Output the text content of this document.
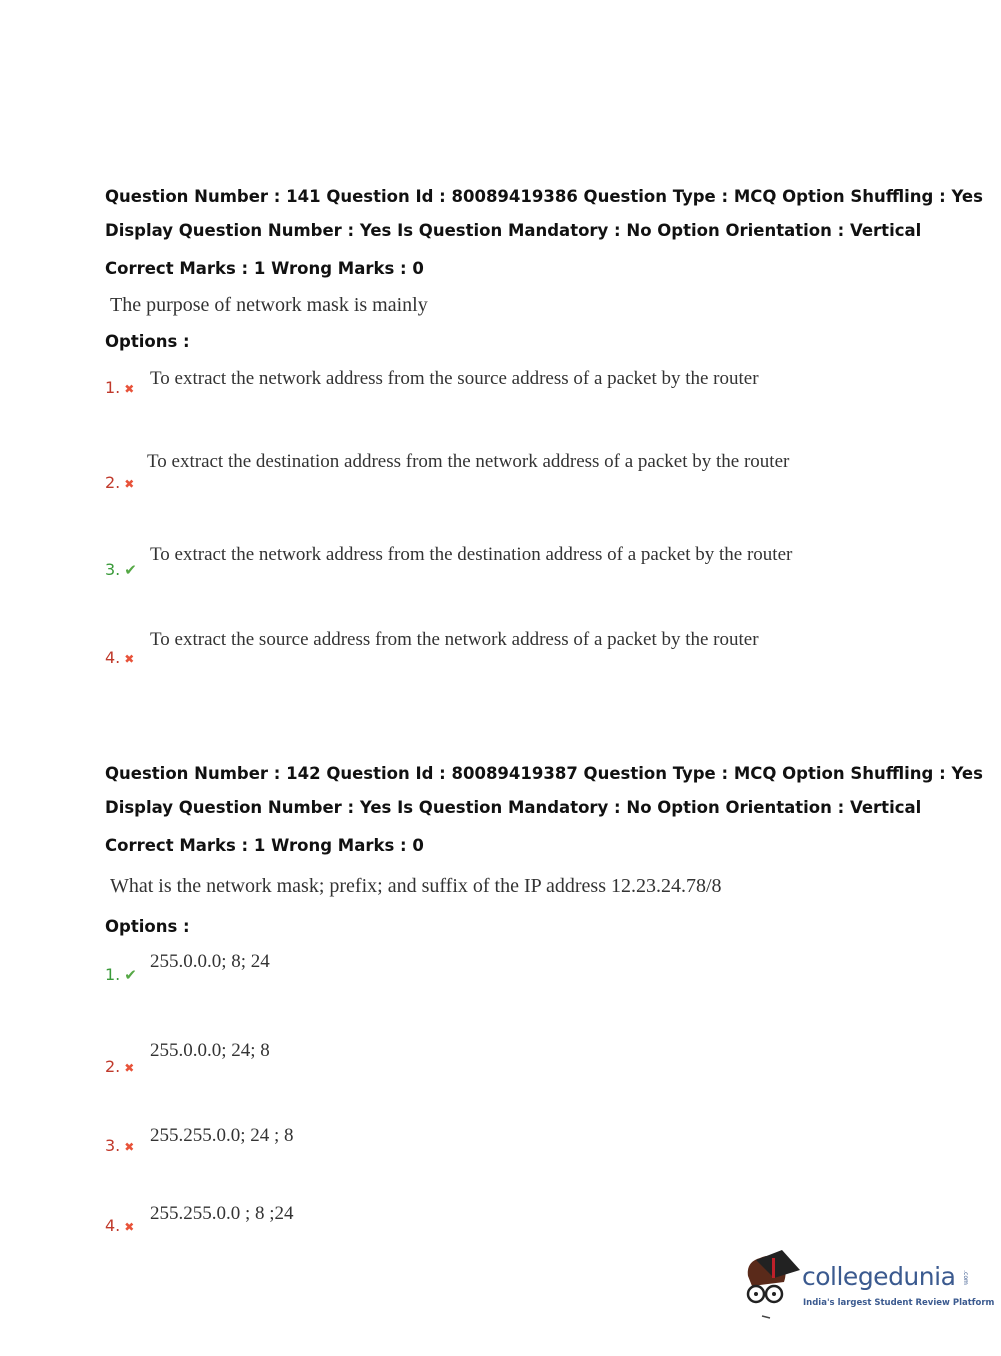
Question Number : 141 Question Id : 80089419386 Question Type : MCQ Option Shuffling : Yes
Display Question Number : Yes Is Question Mandatory : No Option Orientation : Vertical
Correct Marks : 1 Wrong Marks : 0
The purpose of network mask is mainly
Options :
1. ✖ To extract the network address from the source address of a packet by the router
2. ✖
To extract the destination address from the network address of a packet by the router
3. ✔
To extract the network address from the destination address of a packet by the router
4. ✖
To extract the source address from the network address of a packet by the router
Question Number : 142 Question Id : 80089419387 Question Type : MCQ Option Shuffling : Yes
Display Question Number : Yes Is Question Mandatory : No Option Orientation : Vertical
Correct Marks : 1 Wrong Marks : 0
What is the network mask; prefix; and suffix of the IP address 12.23.24.78/8
Options :
1. ✔
255.0.0.0; 8; 24
2. ✖
255.0.0.0; 24; 8
3. ✖
255.255.0.0; 24 ; 8
4. ✖
255.255.0.0 ; 8 ;24
collegedunia .com
India's largest Student Review Platform
